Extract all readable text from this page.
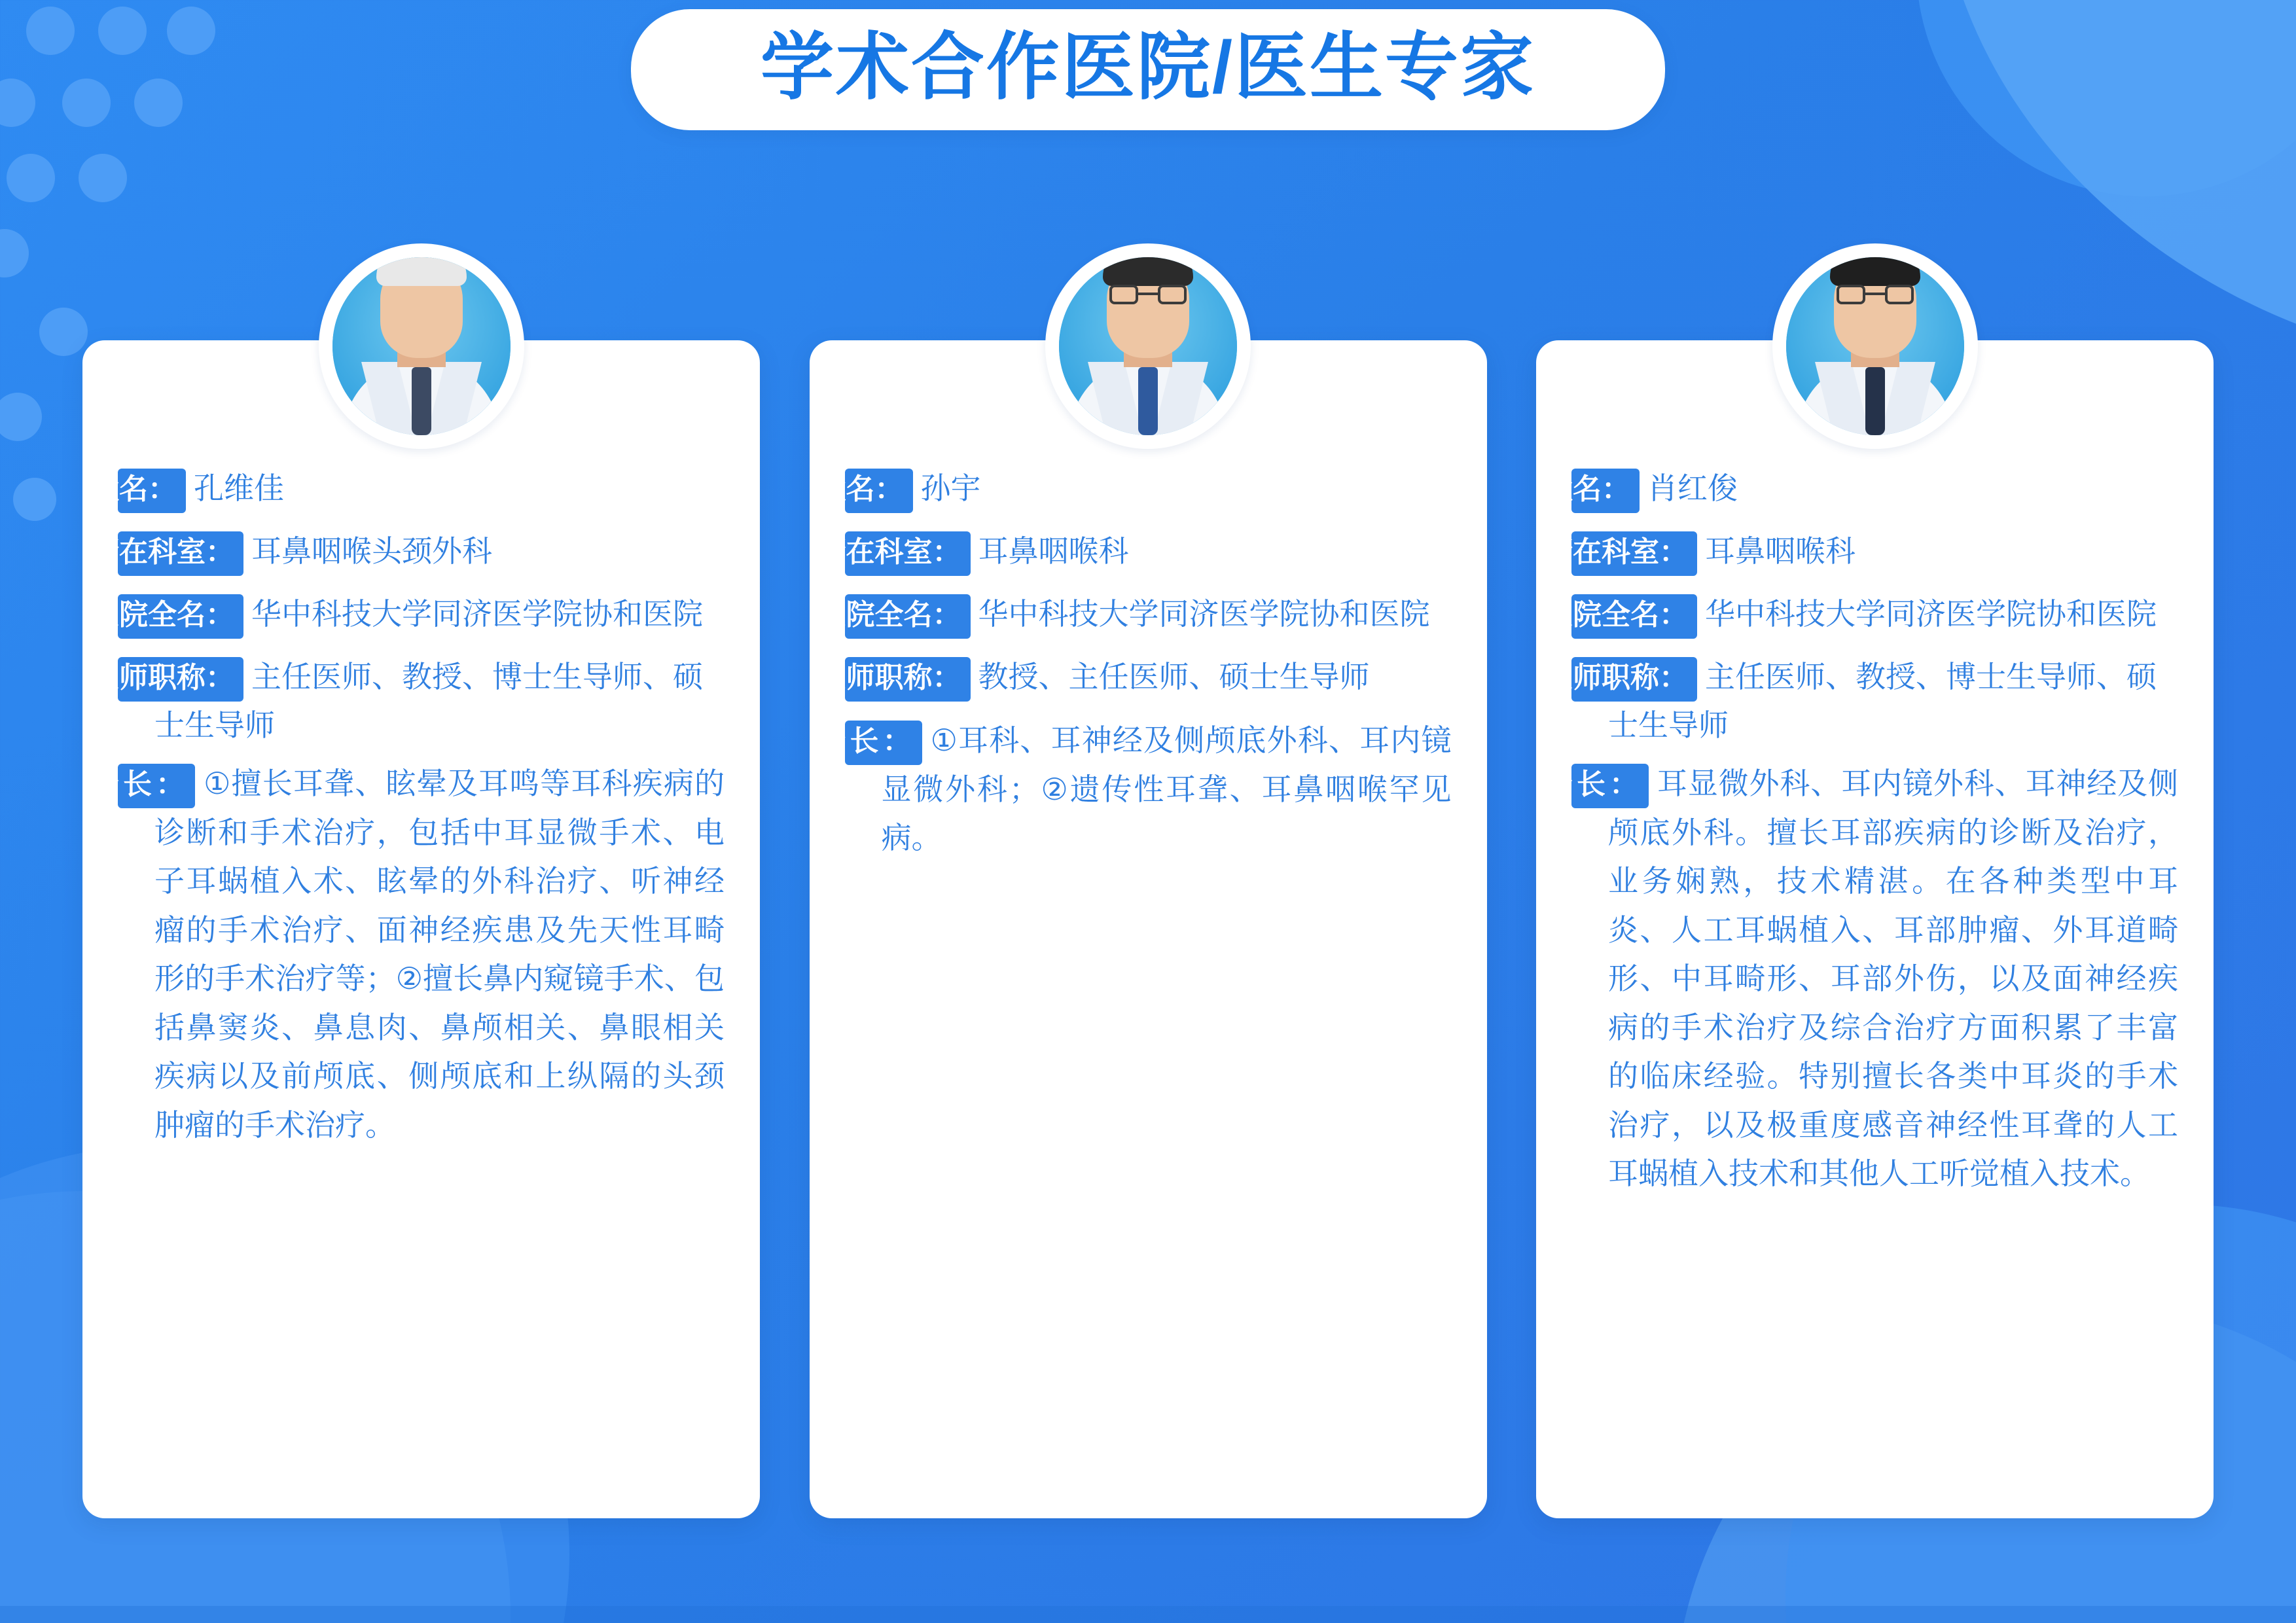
学术合作医院/医生专家
姓名： 孔维佳
所在科室： 耳鼻咽喉头颈外科
医院全名： 华中科技大学同济医学院协和医院
医师职称： 主任医师、教授、博士生导师、硕士生导师
专长： ①擅长耳聋、眩晕及耳鸣等耳科疾病的诊断和手术治疗，包括中耳显微手术、电子耳蜗植入术、眩晕的外科治疗、听神经瘤的手术治疗、面神经疾患及先天性耳畸形的手术治疗等；②擅长鼻内窥镜手术、包括鼻窦炎、鼻息肉、鼻颅相关、鼻眼相关疾病以及前颅底、侧颅底和上纵隔的头颈肿瘤的手术治疗。
姓名： 孙宇
所在科室： 耳鼻咽喉科
医院全名： 华中科技大学同济医学院协和医院
医师职称： 教授、主任医师、硕士生导师
专长： ①耳科、耳神经及侧颅底外科、耳内镜显微外科；②遗传性耳聋、耳鼻咽喉罕见病。
姓名： 肖红俊
所在科室： 耳鼻咽喉科
医院全名： 华中科技大学同济医学院协和医院
医师职称： 主任医师、教授、博士生导师、硕士生导师
专长： 耳显微外科、耳内镜外科、耳神经及侧颅底外科。擅长耳部疾病的诊断及治疗，业务娴熟，技术精湛。在各种类型中耳炎、人工耳蜗植入、耳部肿瘤、外耳道畸形、中耳畸形、耳部外伤，以及面神经疾病的手术治疗及综合治疗方面积累了丰富的临床经验。特别擅长各类中耳炎的手术治疗，以及极重度感音神经性耳聋的人工耳蜗植入技术和其他人工听觉植入技术。
